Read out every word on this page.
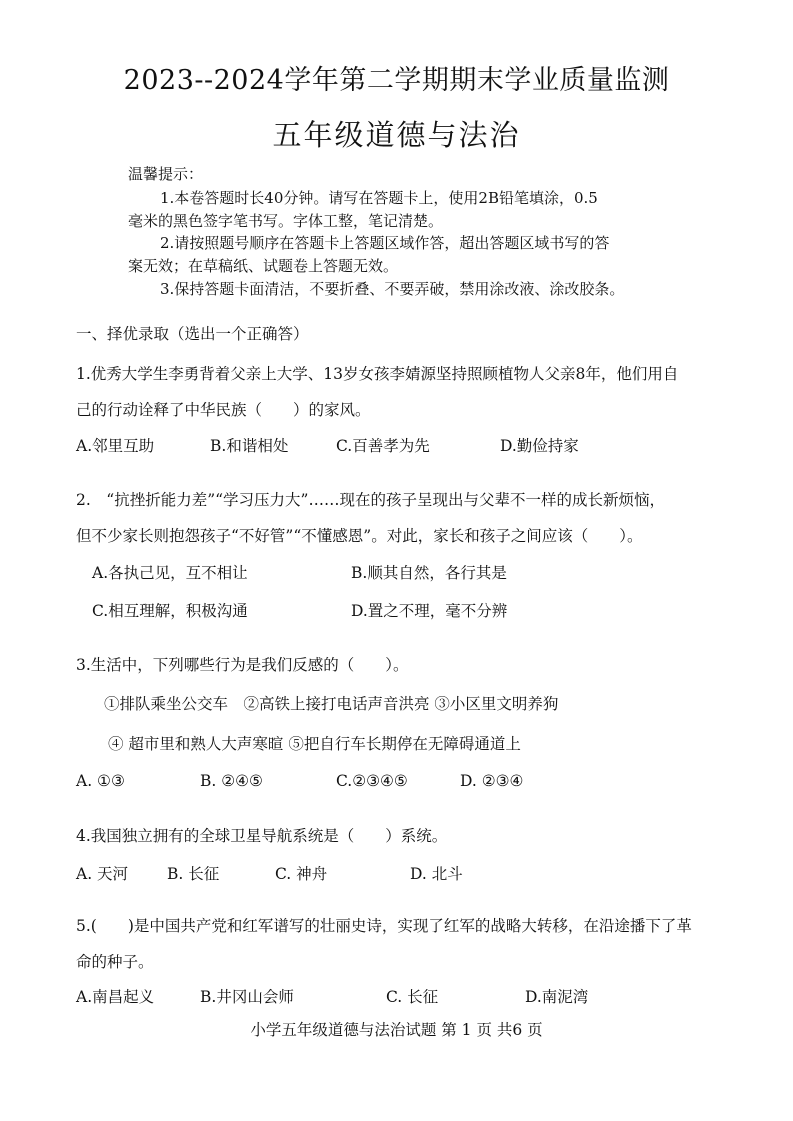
2023--2024学年第二学期期末学业质量监测
五年级道德与法治
温馨提示：
1.本卷答题时长40分钟。请写在答题卡上，使用2B铅笔填涂，0.5
毫米的黑色签字笔书写。字体工整，笔记清楚。
2.请按照题号顺序在答题卡上答题区域作答，超出答题区域书写的答
案无效；在草稿纸、试题卷上答题无效。
3.保持答题卡面清洁，不要折叠、不要弄破，禁用涂改液、涂改胶条。
一、择优录取（选出一个正确答）
1.优秀大学生李勇背着父亲上大学、13岁女孩李婧源坚持照顾植物人父亲8年，他们用自
己的行动诠释了中华民族（　　）的家风。
A.邻里互助	B.和谐相处	C.百善孝为先	D.勤俭持家
2.　“抗挫折能力差”“学习压力大”……现在的孩子呈现出与父辈不一样的成长新烦恼，
但不少家长则抱怨孩子“不好管”“不懂感恩”。对此，家长和孩子之间应该（　　）。
A.各执己见，互不相让	B.顺其自然，各行其是
C.相互理解，积极沟通	D.置之不理，毫不分辨
3.生活中，下列哪些行为是我们反感的（　　）。
①排队乘坐公交车　②高铁上接打电话声音洪亮 ③小区里文明养狗
④ 超市里和熟人大声寒暄 ⑤把自行车长期停在无障碍通道上
A. ①③	B. ②④⑤	C.②③④⑤	D. ②③④
4.我国独立拥有的全球卫星导航系统是（　　）系统。
A. 天河	B. 长征	C. 神舟	D. 北斗
5.(　　)是中国共产党和红军谱写的壮丽史诗，实现了红军的战略大转移，在沿途播下了革
命的种子。
A.南昌起义	B.井冈山会师	C. 长征	D.南泥湾
小学五年级道德与法治试题 第 1 页 共6 页
